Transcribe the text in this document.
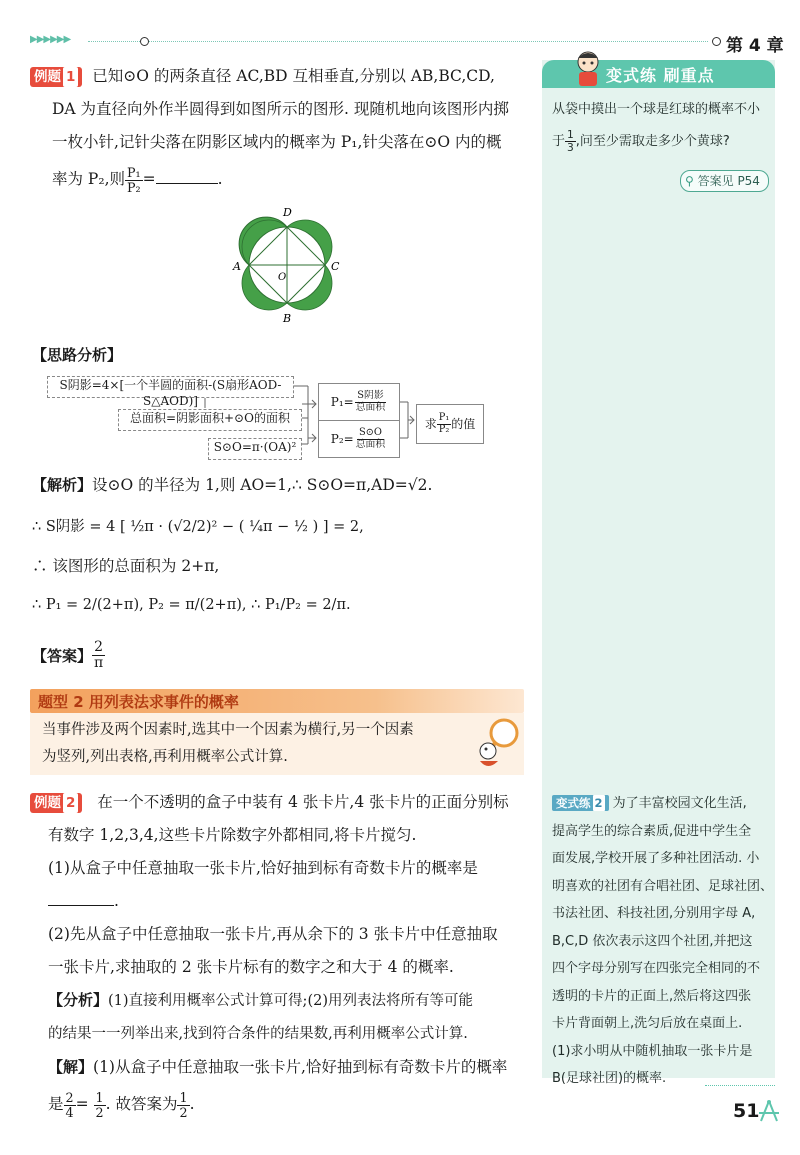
▶▶▶▶▶▶	第 4 章
例题 1 已知⊙O 的两条直径 AC,BD 互相垂直,分别以 AB,BC,CD,
DA 为直径向外作半圆得到如图所示的图形. 现随机地向该图形内掷
一枚小针,记针尖落在阴影区域内的概率为 P₁,针尖落在⊙O 内的概
率为 P₂,则 $\frac{\text{P₁}}{\text{P₂}}$ =	.
D
A
O
C
B
【思路分析】
S阴影=4×[一个半圆的面积-(S扇形AOD-S△AOD)]
总面积=阴影面积+⊙O的面积
S⊙O=π·(OA)²
$P_1= \frac{\text{S阴影}}{\text{总面积}}$
$P_2= \frac{S⊙O}{\text{总面积}}$
求 $\frac{\text{P₁}}{\text{P₂}}$ 的值
【解析】设⊙O 的半径为 1,则 AO=1,∴ S⊙O=π,AD=√2.
∴ S阴影 = 4 [ ½π · (√2/2)² − ( ¼π − ½ ) ] = 2,
∴ 该图形的总面积为 2+π,
∴ P₁ = 2/(2+π), P₂ = π/(2+π), ∴ P₁/P₂ = 2/π.
【答案】 $\frac{2}{\pi}$
题型 2 用列表法求事件的概率
当事件涉及两个因素时,选其中一个因素为横行,另一个因素
为竖列,列出表格,再利用概率公式计算.
例题 2 在一个不透明的盒子中装有 4 张卡片,4 张卡片的正面分别标
有数字 1,2,3,4,这些卡片除数字外都相同,将卡片搅匀.
(1)从盒子中任意抽取一张卡片,恰好抽到标有奇数卡片的概率是
.
(2)先从盒子中任意抽取一张卡片,再从余下的 3 张卡片中任意抽取
一张卡片,求抽取的 2 张卡片标有的数字之和大于 4 的概率.
【分析】(1)直接利用概率公式计算可得;(2)用列表法将所有等可能
的结果一一列举出来,找到符合条件的结果数,再利用概率公式计算.
【解】(1)从盒子中任意抽取一张卡片,恰好抽到标有奇数卡片的概率
是 $\frac{2}{4} = \frac{1}{2}$ . 故答案为 $\frac{1}{2}$ .
变式练 刷重点
从袋中摸出一个球是红球的概率不小
于 $\frac{1}{3}$ ,问至少需取走多少个黄球?
⚲ 答案见 P54
变式练 2 为了丰富校园文化生活,
提高学生的综合素质,促进中学生全
面发展,学校开展了多种社团活动. 小
明喜欢的社团有合唱社团、足球社团、
书法社团、科技社团,分别用字母 A,
B,C,D 依次表示这四个社团,并把这
四个字母分别写在四张完全相同的不
透明的卡片的正面上,然后将这四张
卡片背面朝上,洗匀后放在桌面上.
(1)求小明从中随机抽取一张卡片是
B(足球社团)的概率.
51
